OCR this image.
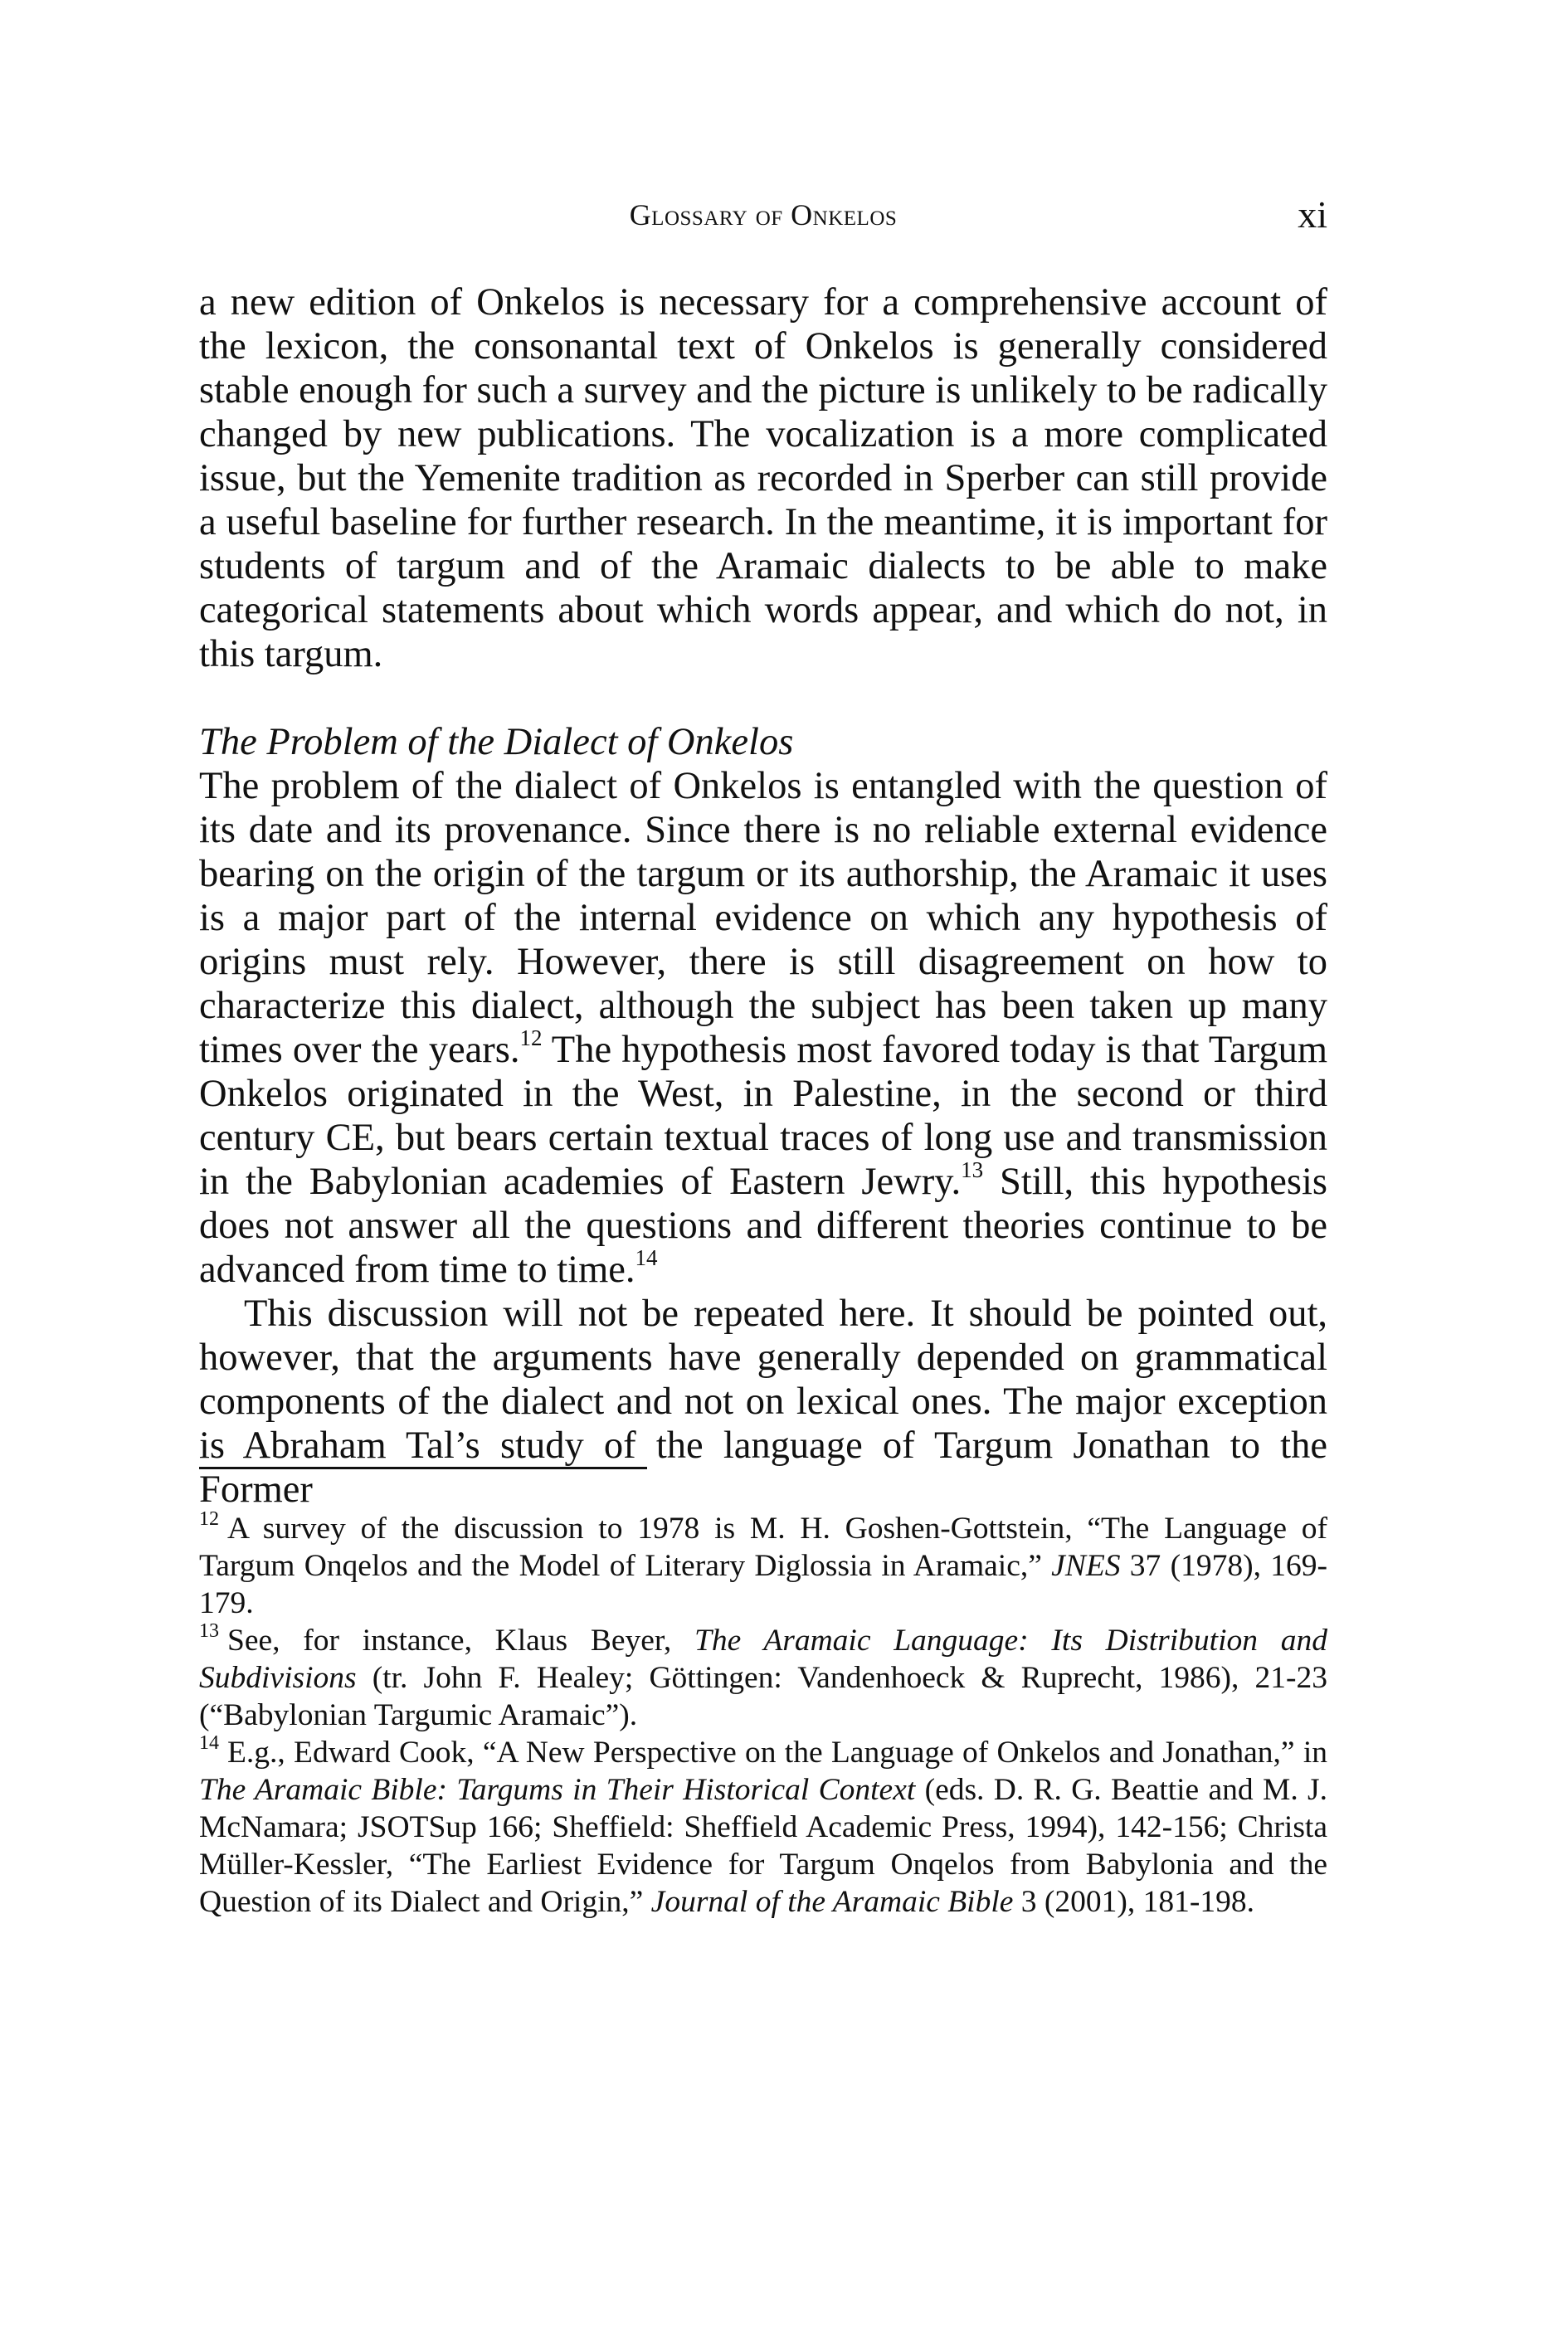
Glossary of Onkelos	xi

a new edition of Onkelos is necessary for a comprehensive account of the lexicon, the consonantal text of Onkelos is generally considered stable enough for such a survey and the picture is unlikely to be radically changed by new publications. The vocalization is a more complicated issue, but the Yemenite tradition as recorded in Sperber can still provide a useful baseline for further research. In the meantime, it is important for students of targum and of the Aramaic dialects to be able to make categorical statements about which words appear, and which do not, in this targum.

The Problem of the Dialect of Onkelos

The problem of the dialect of Onkelos is entangled with the question of its date and its provenance. Since there is no reliable external evidence bearing on the origin of the targum or its authorship, the Aramaic it uses is a major part of the internal evidence on which any hypothesis of origins must rely. However, there is still disagreement on how to characterize this dialect, although the subject has been taken up many times over the years.$^{12}$ The hypothesis most favored today is that Targum Onkelos originated in the West, in Palestine, in the second or third century CE, but bears certain textual traces of long use and transmission in the Babylonian academies of Eastern Jewry.$^{13}$ Still, this hypothesis does not answer all the questions and different theories continue to be advanced from time to time.$^{14}$

This discussion will not be repeated here. It should be pointed out, however, that the arguments have generally depended on grammatical components of the dialect and not on lexical ones. The major exception is Abraham Tal’s study of the language of Targum Jonathan to the Former

$^{12}$ A survey of the discussion to 1978 is M. H. Goshen-Gottstein, “The Language of Targum Onqelos and the Model of Literary Diglossia in Aramaic,” JNES 37 (1978), 169-179.

$^{13}$ See, for instance, Klaus Beyer, The Aramaic Language: Its Distribution and Subdivisions (tr. John F. Healey; Göttingen: Vandenhoeck & Ruprecht, 1986), 21-23 (“Babylonian Targumic Aramaic”).

$^{14}$ E.g., Edward Cook, “A New Perspective on the Language of Onkelos and Jonathan,” in The Aramaic Bible: Targums in Their Historical Context (eds. D. R. G. Beattie and M. J. McNamara; JSOTSup 166; Sheffield: Sheffield Academic Press, 1994), 142-156; Christa Müller-Kessler, “The Earliest Evidence for Targum Onqelos from Babylonia and the Question of its Dialect and Origin,” Journal of the Aramaic Bible 3 (2001), 181-198.
